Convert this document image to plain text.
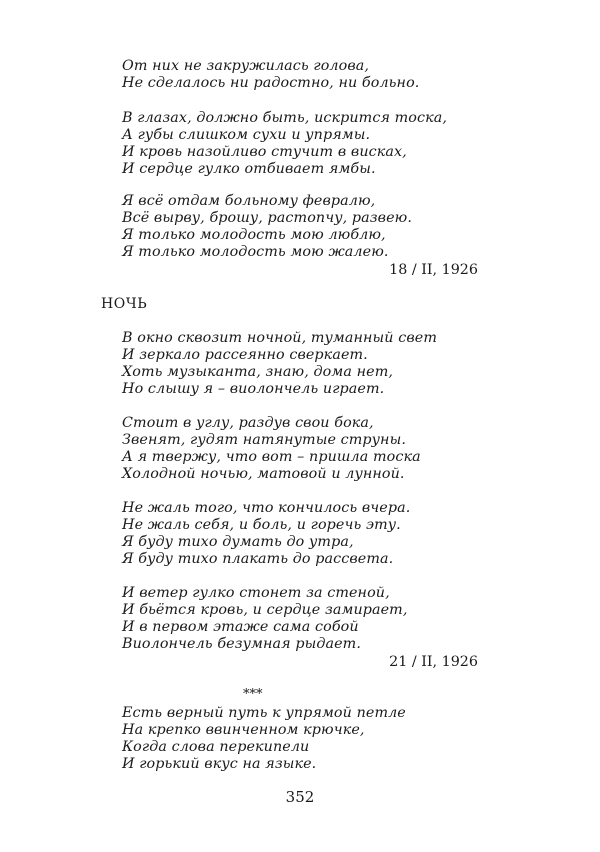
От них не закружилась голова,
Не сделалось ни радостно, ни больно.
В глазах, должно быть, искрится тоска,
А губы слишком сухи и упрямы.
И кровь назойливо стучит в висках,
И сердце гулко отбивает ямбы.
Я всё отдам больному февралю,
Всё вырву, брошу, растопчу, развею.
Я только молодость мою люблю,
Я только молодость мою жалею.
18 / II, 1926
НОЧЬ
В окно сквозит ночной, туманный свет
И зеркало рассеянно сверкает.
Хоть музыканта, знаю, дома нет,
Но слышу я – виолончель играет.
Стоит в углу, раздув свои бока,
Звенят, гудят натянутые струны.
А я твержу, что вот – пришла тоска
Холодной ночью, матовой и лунной.
Не жаль того, что кончилось вчера.
Не жаль себя, и боль, и горечь эту.
Я буду тихо думать до утра,
Я буду тихо плакать до рассвета.
И ветер гулко стонет за стеной,
И бьётся кровь, и сердце замирает,
И в первом этаже сама собой
Виолончель безумная рыдает.
21 / II, 1926
***
Есть верный путь к упрямой петле
На крепко ввинченном крючке,
Когда слова перекипели
И горький вкус на языке.
352
